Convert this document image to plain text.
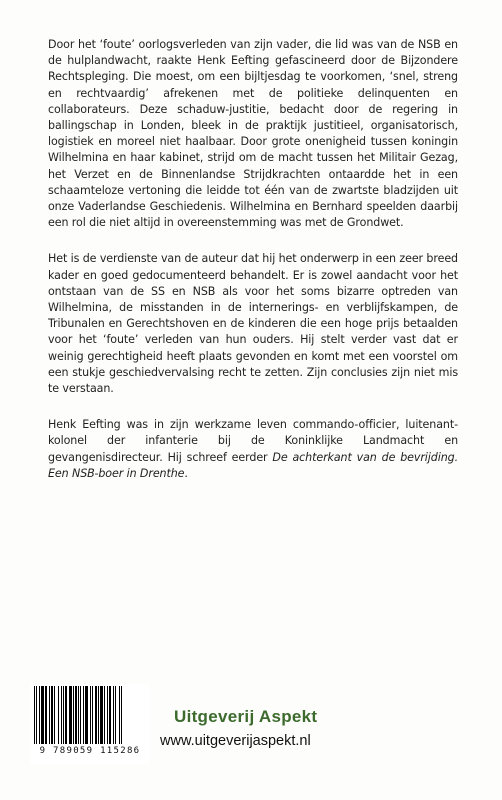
Door het ‘foute’ oorlogsverleden van zijn vader, die lid was van de NSB en de hulplandwacht, raakte Henk Eefting gefascineerd door de Bijzondere Rechtspleging. Die moest, om een bijltjesdag te voorkomen, ‘snel, streng en rechtvaardig’ afrekenen met de politieke delinquenten en collaborateurs. Deze schaduw-justitie, bedacht door de regering in ballingschap in Londen, bleek in de praktijk justitieel, organisatorisch, logistiek en moreel niet haalbaar. Door grote onenigheid tussen koningin Wilhelmina en haar kabinet, strijd om de macht tussen het Militair Gezag, het Verzet en de Binnenlandse Strijdkrachten ontaardde het in een schaamteloze vertoning die leidde tot één van de zwartste bladzijden uit onze Vaderlandse Geschiedenis. Wilhelmina en Bernhard speelden daarbij een rol die niet altijd in overeenstemming was met de Grondwet.

Het is de verdienste van de auteur dat hij het onderwerp in een zeer breed kader en goed gedocumenteerd behandelt. Er is zowel aandacht voor het ontstaan van de SS en NSB als voor het soms bizarre optreden van Wilhelmina, de misstanden in de internerings- en verblijfskampen, de Tribunalen en Gerechtshoven en de kinderen die een hoge prijs betaalden voor het ‘foute’ verleden van hun ouders. Hij stelt verder vast dat er weinig gerechtigheid heeft plaats gevonden en komt met een voorstel om een stukje geschiedvervalsing recht te zetten. Zijn conclusies zijn niet mis te verstaan.

Henk Eefting was in zijn werkzame leven commando-officier, luitenant-kolonel der infanterie bij de Koninklijke Landmacht en gevangenisdirecteur. Hij schreef eerder De achterkant van de bevrijding. Een NSB-boer in Drenthe.

9 789059 115286
Uitgeverij Aspekt
www.uitgeverijaspekt.nl
